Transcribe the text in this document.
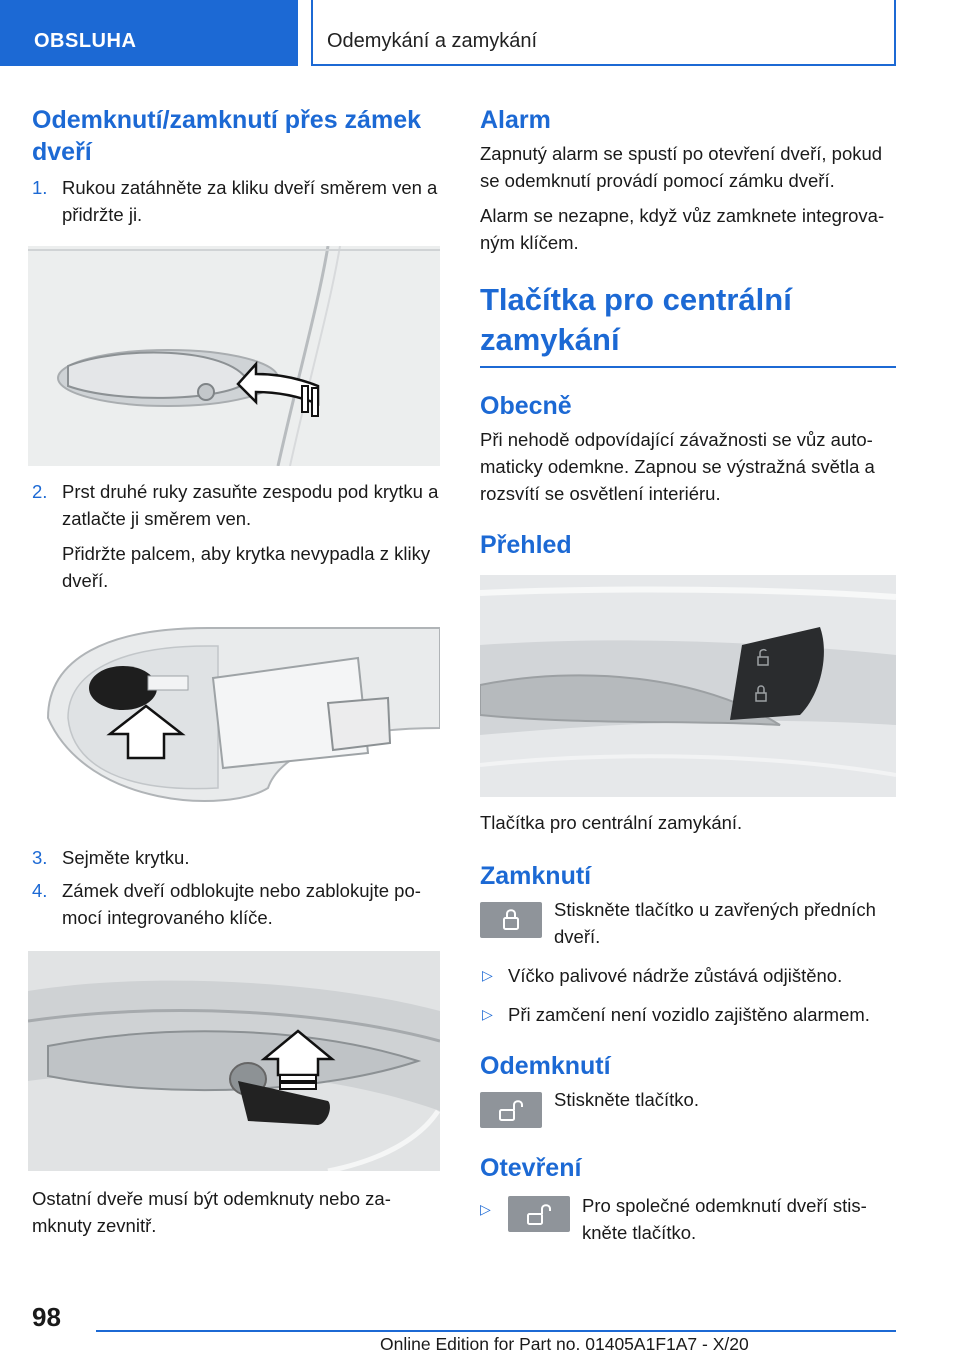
OBSLUHA	Odemykání a zamykání
Odemknutí/zamknutí přes zámek dveří
1. Rukou zatáhněte za kliku dveří směrem ven a přidržte ji.

2. Prst druhé ruky zasuňte zespodu pod krytku a zatlačte ji směrem ven.

Přidržte palcem, aby krytka nevypadla z kliky dveří.

3. Sejměte krytku.

4. Zámek dveří odblokujte nebo zablokujte po-mocí integrovaného klíče.

Ostatní dveře musí být odemknuty nebo za-mknuty zevnitř.

Alarm

Zapnutý alarm se spustí po otevření dveří, pokud se odemknutí provádí pomocí zámku dveří.

Alarm se nezapne, když vůz zamknete integrova-ným klíčem.

Tlačítka pro centrální zamykání
Obecně

Při nehodě odpovídající závažnosti se vůz auto-maticky odemkne. Zapnou se výstražná světla a rozsvítí se osvětlení interiéru.

Přehled

Tlačítka pro centrální zamykání.

Zamknutí

Stiskněte tlačítko u zavřených předních dveří.

▷ Víčko palivové nádrže zůstává odjištěno.

▷ Při zamčení není vozidlo zajištěno alarmem.

Odemknutí

Stiskněte tlačítko.

Otevření
▷	Pro společné odemknutí dveří stis-kněte tlačítko.

98
Online Edition for Part no. 01405A1F1A7 - X/20
